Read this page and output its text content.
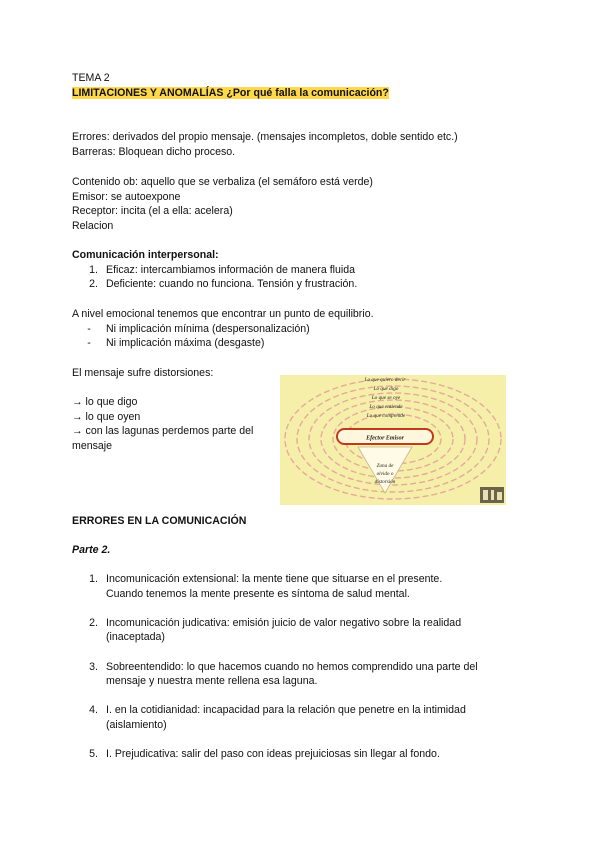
TEMA 2
LIMITACIONES Y ANOMALÍAS ¿Por qué falla la comunicación?
Errores: derivados del propio mensaje. (mensajes incompletos, doble sentido etc.)
Barreras: Bloquean dicho proceso.
Contenido ob: aquello que se verbaliza (el semáforo está verde)
Emisor: se autoexpone
Receptor: incita (el a ella: acelera)
Relacion
Comunicación interpersonal:
1. Eficaz: intercambiamos información de manera fluida
2. Deficiente: cuando no funciona. Tensión y frustración.
A nivel emocional tenemos que encontrar un punto de equilibrio.
- Ni implicación mínima (despersonalización)
- Ni implicación máxima (desgaste)
El mensaje sufre distorsiones:
→ lo que digo
→ lo que oyen
→ con las lagunas perdemos parte del
mensaje
Lo que quiero decir
Lo que digo
Lo que se oye
Lo que entiende
Lo que comprende
Efector Emisor
Zona de
olvido o
distorsión
ERRORES EN LA COMUNICACIÓN
Parte 2.
1. Incomunicación extensional: la mente tiene que situarse en el presente.
Cuando tenemos la mente presente es síntoma de salud mental.
2. Incomunicación judicativa: emisión juicio de valor negativo sobre la realidad
(inaceptada)
3. Sobreentendido: lo que hacemos cuando no hemos comprendido una parte del
mensaje y nuestra mente rellena esa laguna.
4. I. en la cotidianidad: incapacidad para la relación que penetre en la intimidad
(aislamiento)
5. I. Prejudicativa: salir del paso con ideas prejuiciosas sin llegar al fondo.
